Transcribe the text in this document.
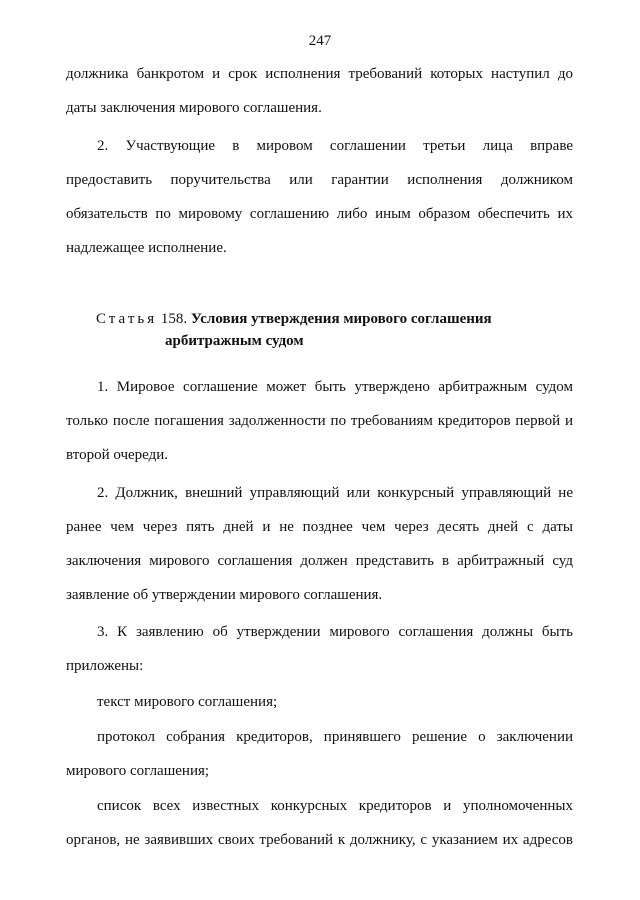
247
должника банкротом и срок исполнения требований которых наступил до
даты заключения мирового соглашения.
2. Участвующие в мировом соглашении третьи лица вправе
предоставить поручительства или гарантии исполнения должником
обязательств по мировому соглашению либо иным образом обеспечить их
надлежащее исполнение.
Статья 158. Условия утверждения мирового соглашения
арбитражным судом
1. Мировое соглашение может быть утверждено арбитражным судом
только после погашения задолженности по требованиям кредиторов первой и
второй очереди.
2. Должник, внешний управляющий или конкурсный управляющий не
ранее чем через пять дней и не позднее чем через десять дней с даты
заключения мирового соглашения должен представить в арбитражный суд
заявление об утверждении мирового соглашения.
3. К заявлению об утверждении мирового соглашения должны быть
приложены:
текст мирового соглашения;
протокол собрания кредиторов, принявшего решение о заключении
мирового соглашения;
список всех известных конкурсных кредиторов и уполномоченных
органов, не заявивших своих требований к должнику, с указанием их адресов
